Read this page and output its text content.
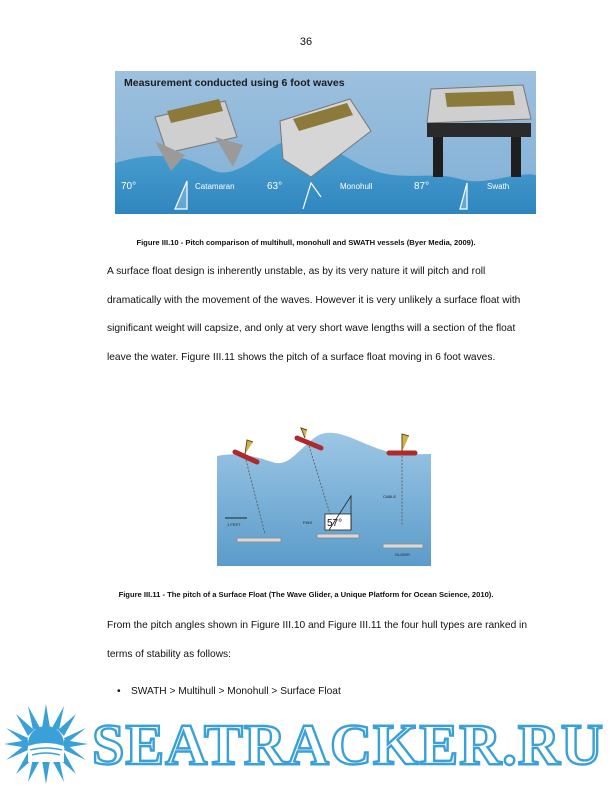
36
Measurement conducted using 6 foot waves
70°	Catamaran	63°	Monohull	87°	Swath
Figure III.10 - Pitch comparison of multihull, monohull and SWATH vessels (Byer Media, 2009).

A surface float design is inherently unstable, as by its very nature it will pitch and roll

dramatically with the movement of the waves. However it is very unlikely a surface float with

significant weight will capsize, and only at very short wave lengths will a section of the float

leave the water. Figure III.11 shows the pitch of a surface float moving in 6 foot waves.

57°
1 FEET	FINS
CABLE
GLIDER
Figure III.11 - The pitch of a Surface Float (The Wave Glider, a Unique Platform for Ocean Science, 2010).

From the pitch angles shown in Figure III.10 and Figure III.11 the four hull types are ranked in

terms of stability as follows:

• SWATH > Multihull > Monohull > Surface Float
SEATRACKER.RU
